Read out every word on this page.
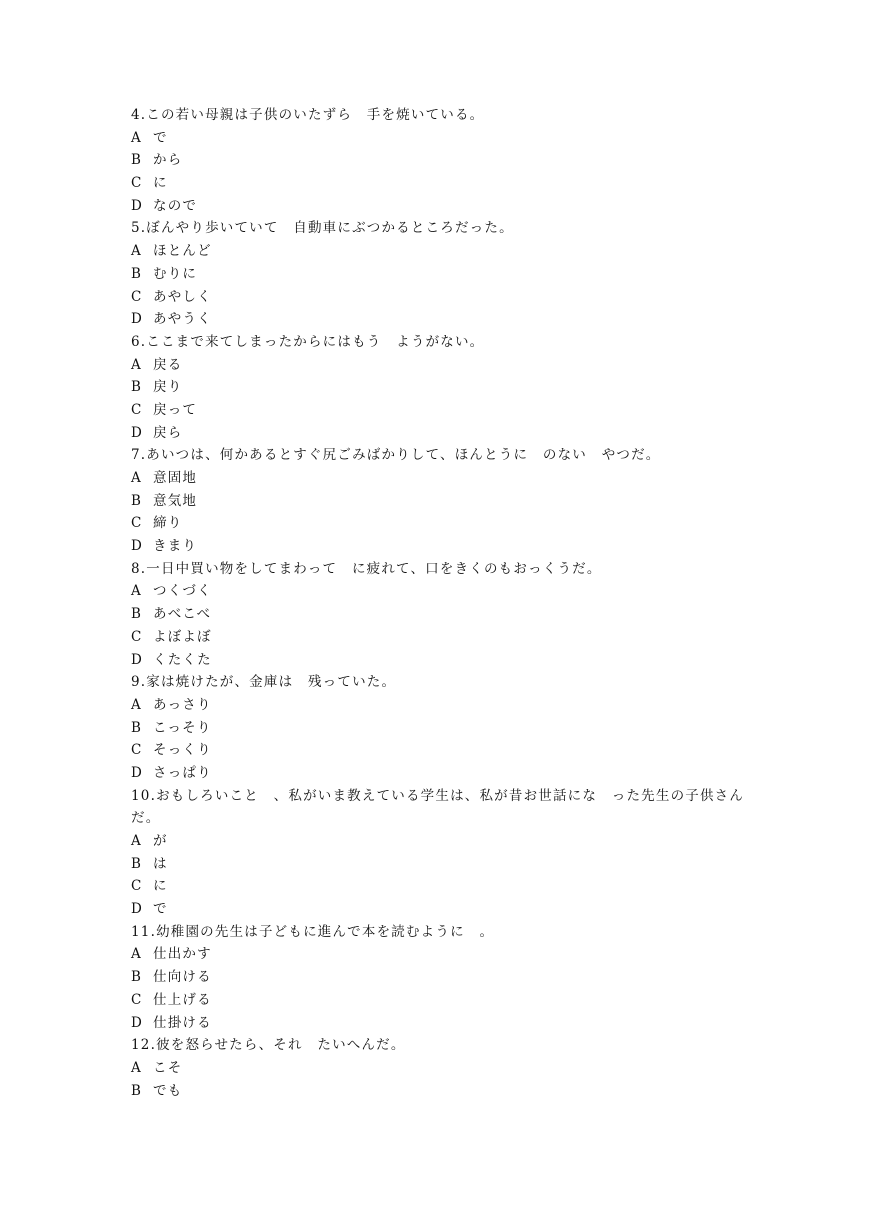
4.この若い母親は子供のいたずら　手を焼いている。
A で
B から
C に
D なので
5.ぼんやり歩いていて　自動車にぶつかるところだった。
A ほとんど
B むりに
C あやしく
D あやうく
6.ここまで来てしまったからにはもう　ようがない。
A 戻る
B 戻り
C 戻って
D 戻ら
7.あいつは、何かあるとすぐ尻ごみばかりして、ほんとうに　のない　やつだ。
A 意固地
B 意気地
C 締り
D きまり
8.一日中買い物をしてまわって　に疲れて、口をきくのもおっくうだ。
A つくづく
B あべこべ
C よぼよぼ
D くたくた
9.家は焼けたが、金庫は　残っていた。
A あっさり
B こっそり
C そっくり
D さっぱり
10.おもしろいこと　、私がいま教えている学生は、私が昔お世話にな　った先生の子供さんだ。
A が
B は
C に
D で
11.幼稚園の先生は子どもに進んで本を読むように　。
A 仕出かす
B 仕向ける
C 仕上げる
D 仕掛ける
12.彼を怒らせたら、それ　たいへんだ。
A こそ
B でも
